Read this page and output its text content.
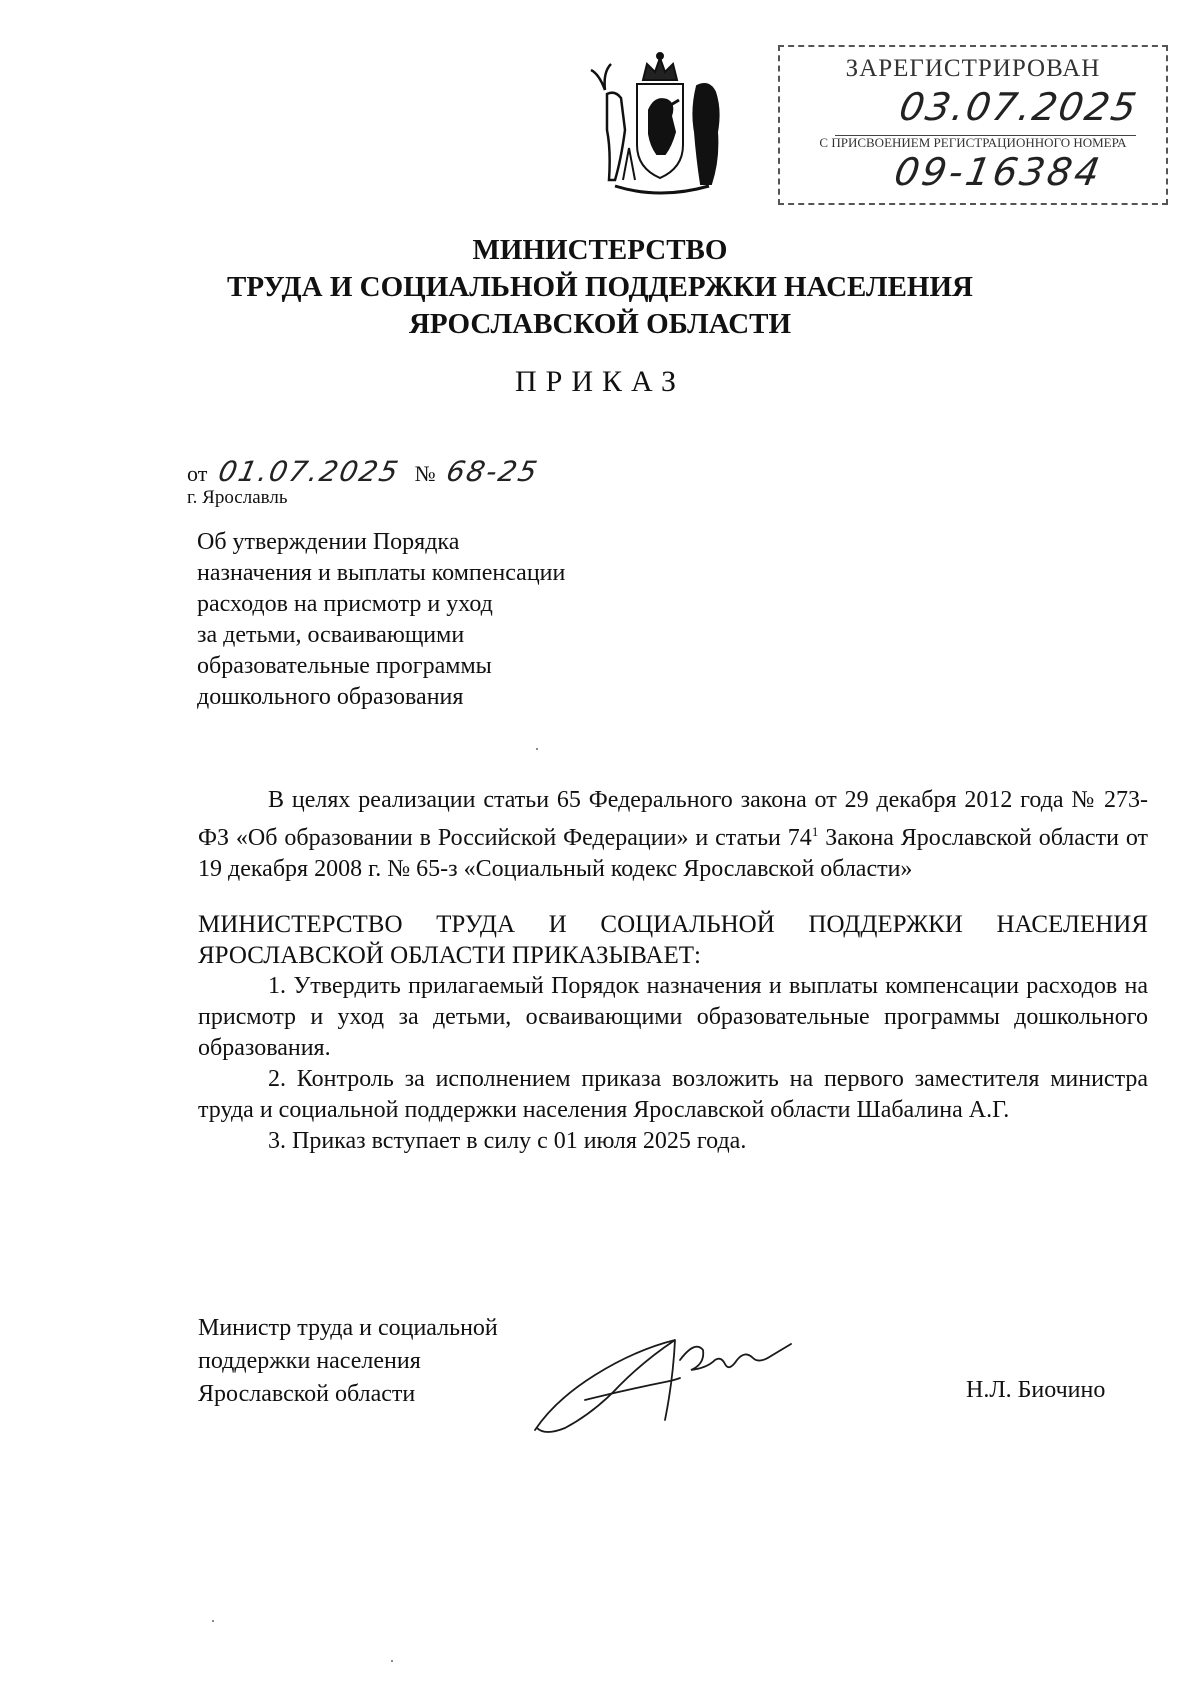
ЗАРЕГИСТРИРОВАН
03.07.2025
С ПРИСВОЕНИЕМ РЕГИСТРАЦИОННОГО НОМЕРА
09-16384
МИНИСТЕРСТВО
ТРУДА И СОЦИАЛЬНОЙ ПОДДЕРЖКИ НАСЕЛЕНИЯ
ЯРОСЛАВСКОЙ ОБЛАСТИ
ПРИКАЗ
от 01.07.2025 № 68-25
г. Ярославль
Об утверждении Порядка
назначения и выплаты компенсации
расходов на присмотр и уход
за детьми, осваивающими
образовательные программы
дошкольного образования
В целях реализации статьи 65 Федерального закона от 29 декабря 2012 года № 273-ФЗ «Об образовании в Российской Федерации» и статьи $74^1$ Закона Ярославской области от 19 декабря 2008 г. № 65-з «Социальный кодекс Ярославской области»
МИНИСТЕРСТВО ТРУДА И СОЦИАЛЬНОЙ ПОДДЕРЖКИ НАСЕЛЕНИЯ ЯРОСЛАВСКОЙ ОБЛАСТИ ПРИКАЗЫВАЕТ:
1. Утвердить прилагаемый Порядок назначения и выплаты компенсации расходов на присмотр и уход за детьми, осваивающими образовательные программы дошкольного образования.
2. Контроль за исполнением приказа возложить на первого заместителя министра труда и социальной поддержки населения Ярославской области Шабалина А.Г.
3. Приказ вступает в силу с 01 июля 2025 года.
Министр труда и социальной
поддержки населения
Ярославской области	Н.Л. Биочино
